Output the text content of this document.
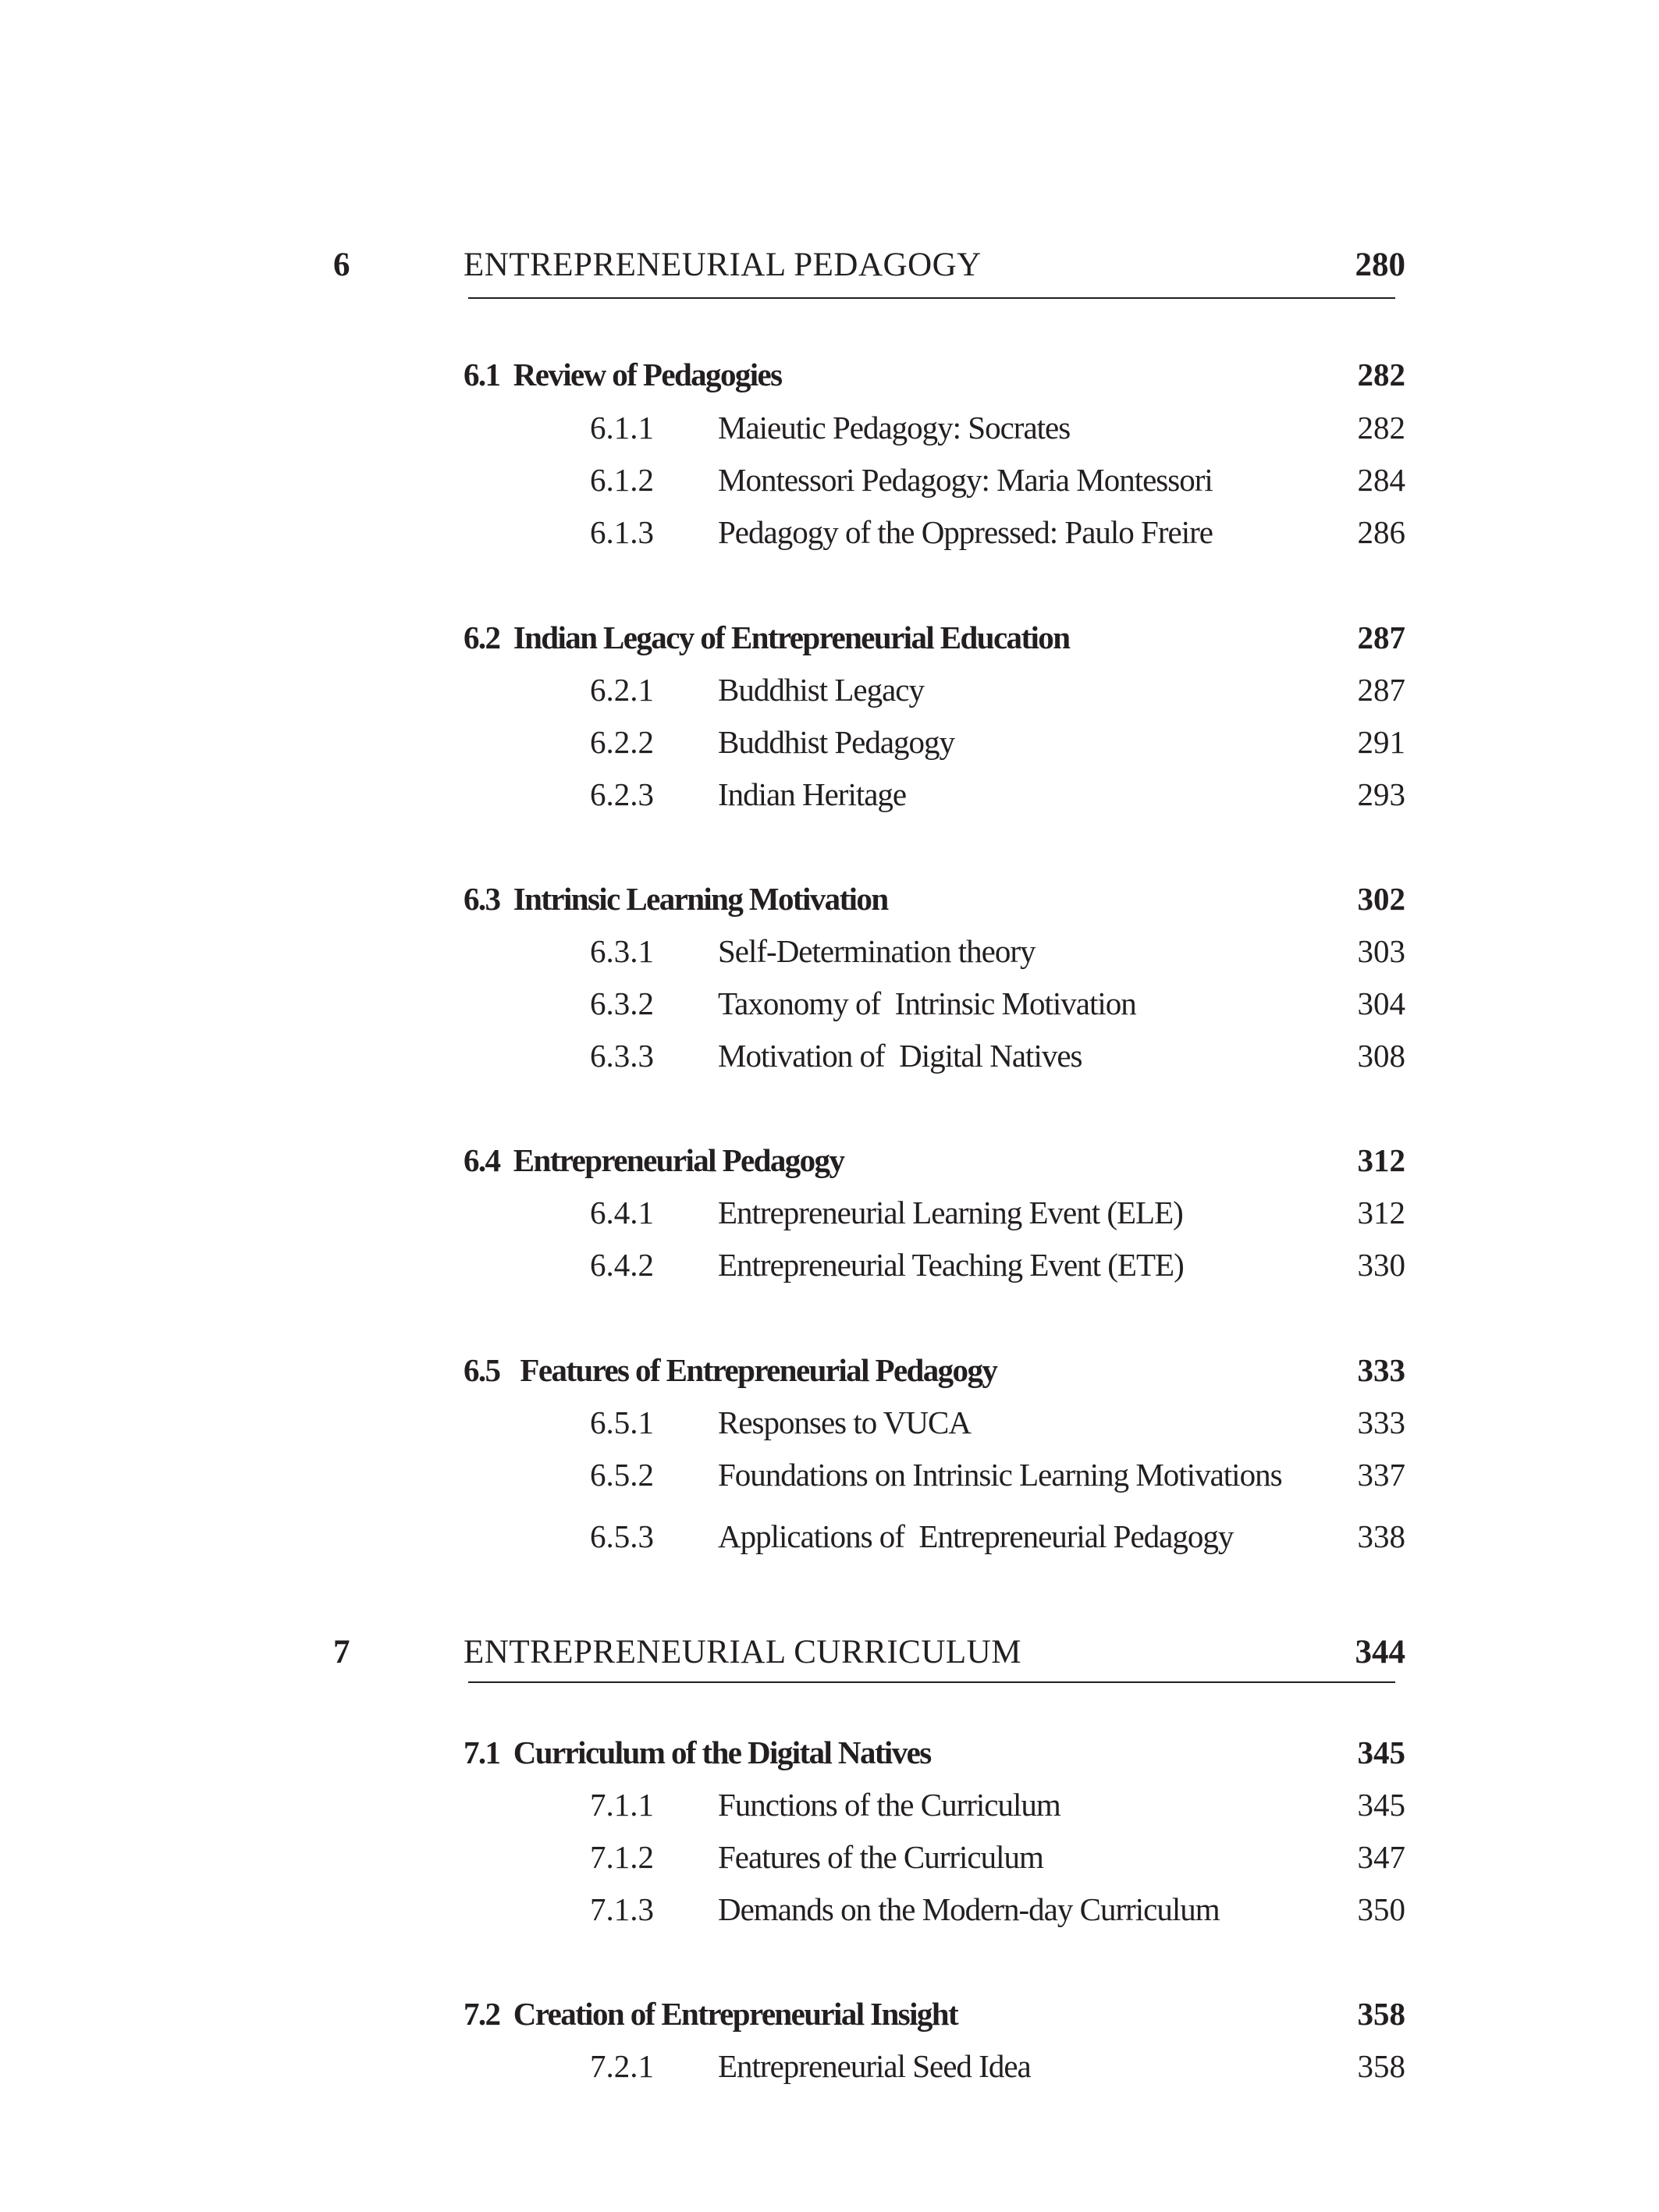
6	ENTREPRENEURIAL PEDAGOGY	280
6.1  Review of Pedagogies	282
6.1.1 Maieutic Pedagogy: Socrates	282
6.1.2 Montessori Pedagogy: Maria Montessori	284
6.1.3 Pedagogy of the Oppressed: Paulo Freire	286
6.2  Indian Legacy of Entrepreneurial Education	287
6.2.1 Buddhist Legacy	287
6.2.2 Buddhist Pedagogy	291
6.2.3 Indian Heritage	293
6.3  Intrinsic Learning Motivation	302
6.3.1 Self-Determination theory	303
6.3.2 Taxonomy of  Intrinsic Motivation	304
6.3.3 Motivation of  Digital Natives	308
6.4  Entrepreneurial Pedagogy	312
6.4.1 Entrepreneurial Learning Event (ELE)	312
6.4.2 Entrepreneurial Teaching Event (ETE)	330
6.5   Features of Entrepreneurial Pedagogy	333
6.5.1 Responses to VUCA	333
6.5.2 Foundations on Intrinsic Learning Motivations 337
6.5.3 Applications of  Entrepreneurial Pedagogy	338
7	ENTREPRENEURIAL CURRICULUM	344
7.1  Curriculum of the Digital Natives	345
7.1.1 Functions of the Curriculum	345
7.1.2 Features of the Curriculum	347
7.1.3 Demands on the Modern-day Curriculum	350
7.2  Creation of Entrepreneurial Insight	358
7.2.1 Entrepreneurial Seed Idea	358
